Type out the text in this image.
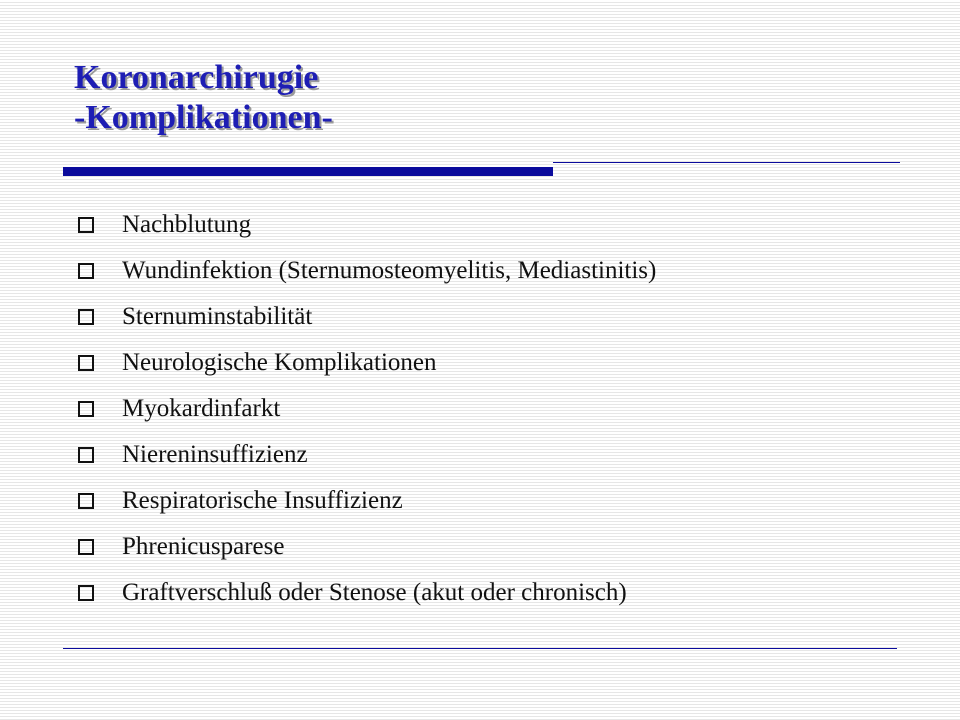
Koronarchirugie
-Komplikationen-
Nachblutung
Wundinfektion (Sternumosteomyelitis, Mediastinitis)
Sternuminstabilität
Neurologische Komplikationen
Myokardinfarkt
Niereninsuffizienz
Respiratorische Insuffizienz
Phrenicusparese
Graftverschluß oder Stenose (akut oder chronisch)
